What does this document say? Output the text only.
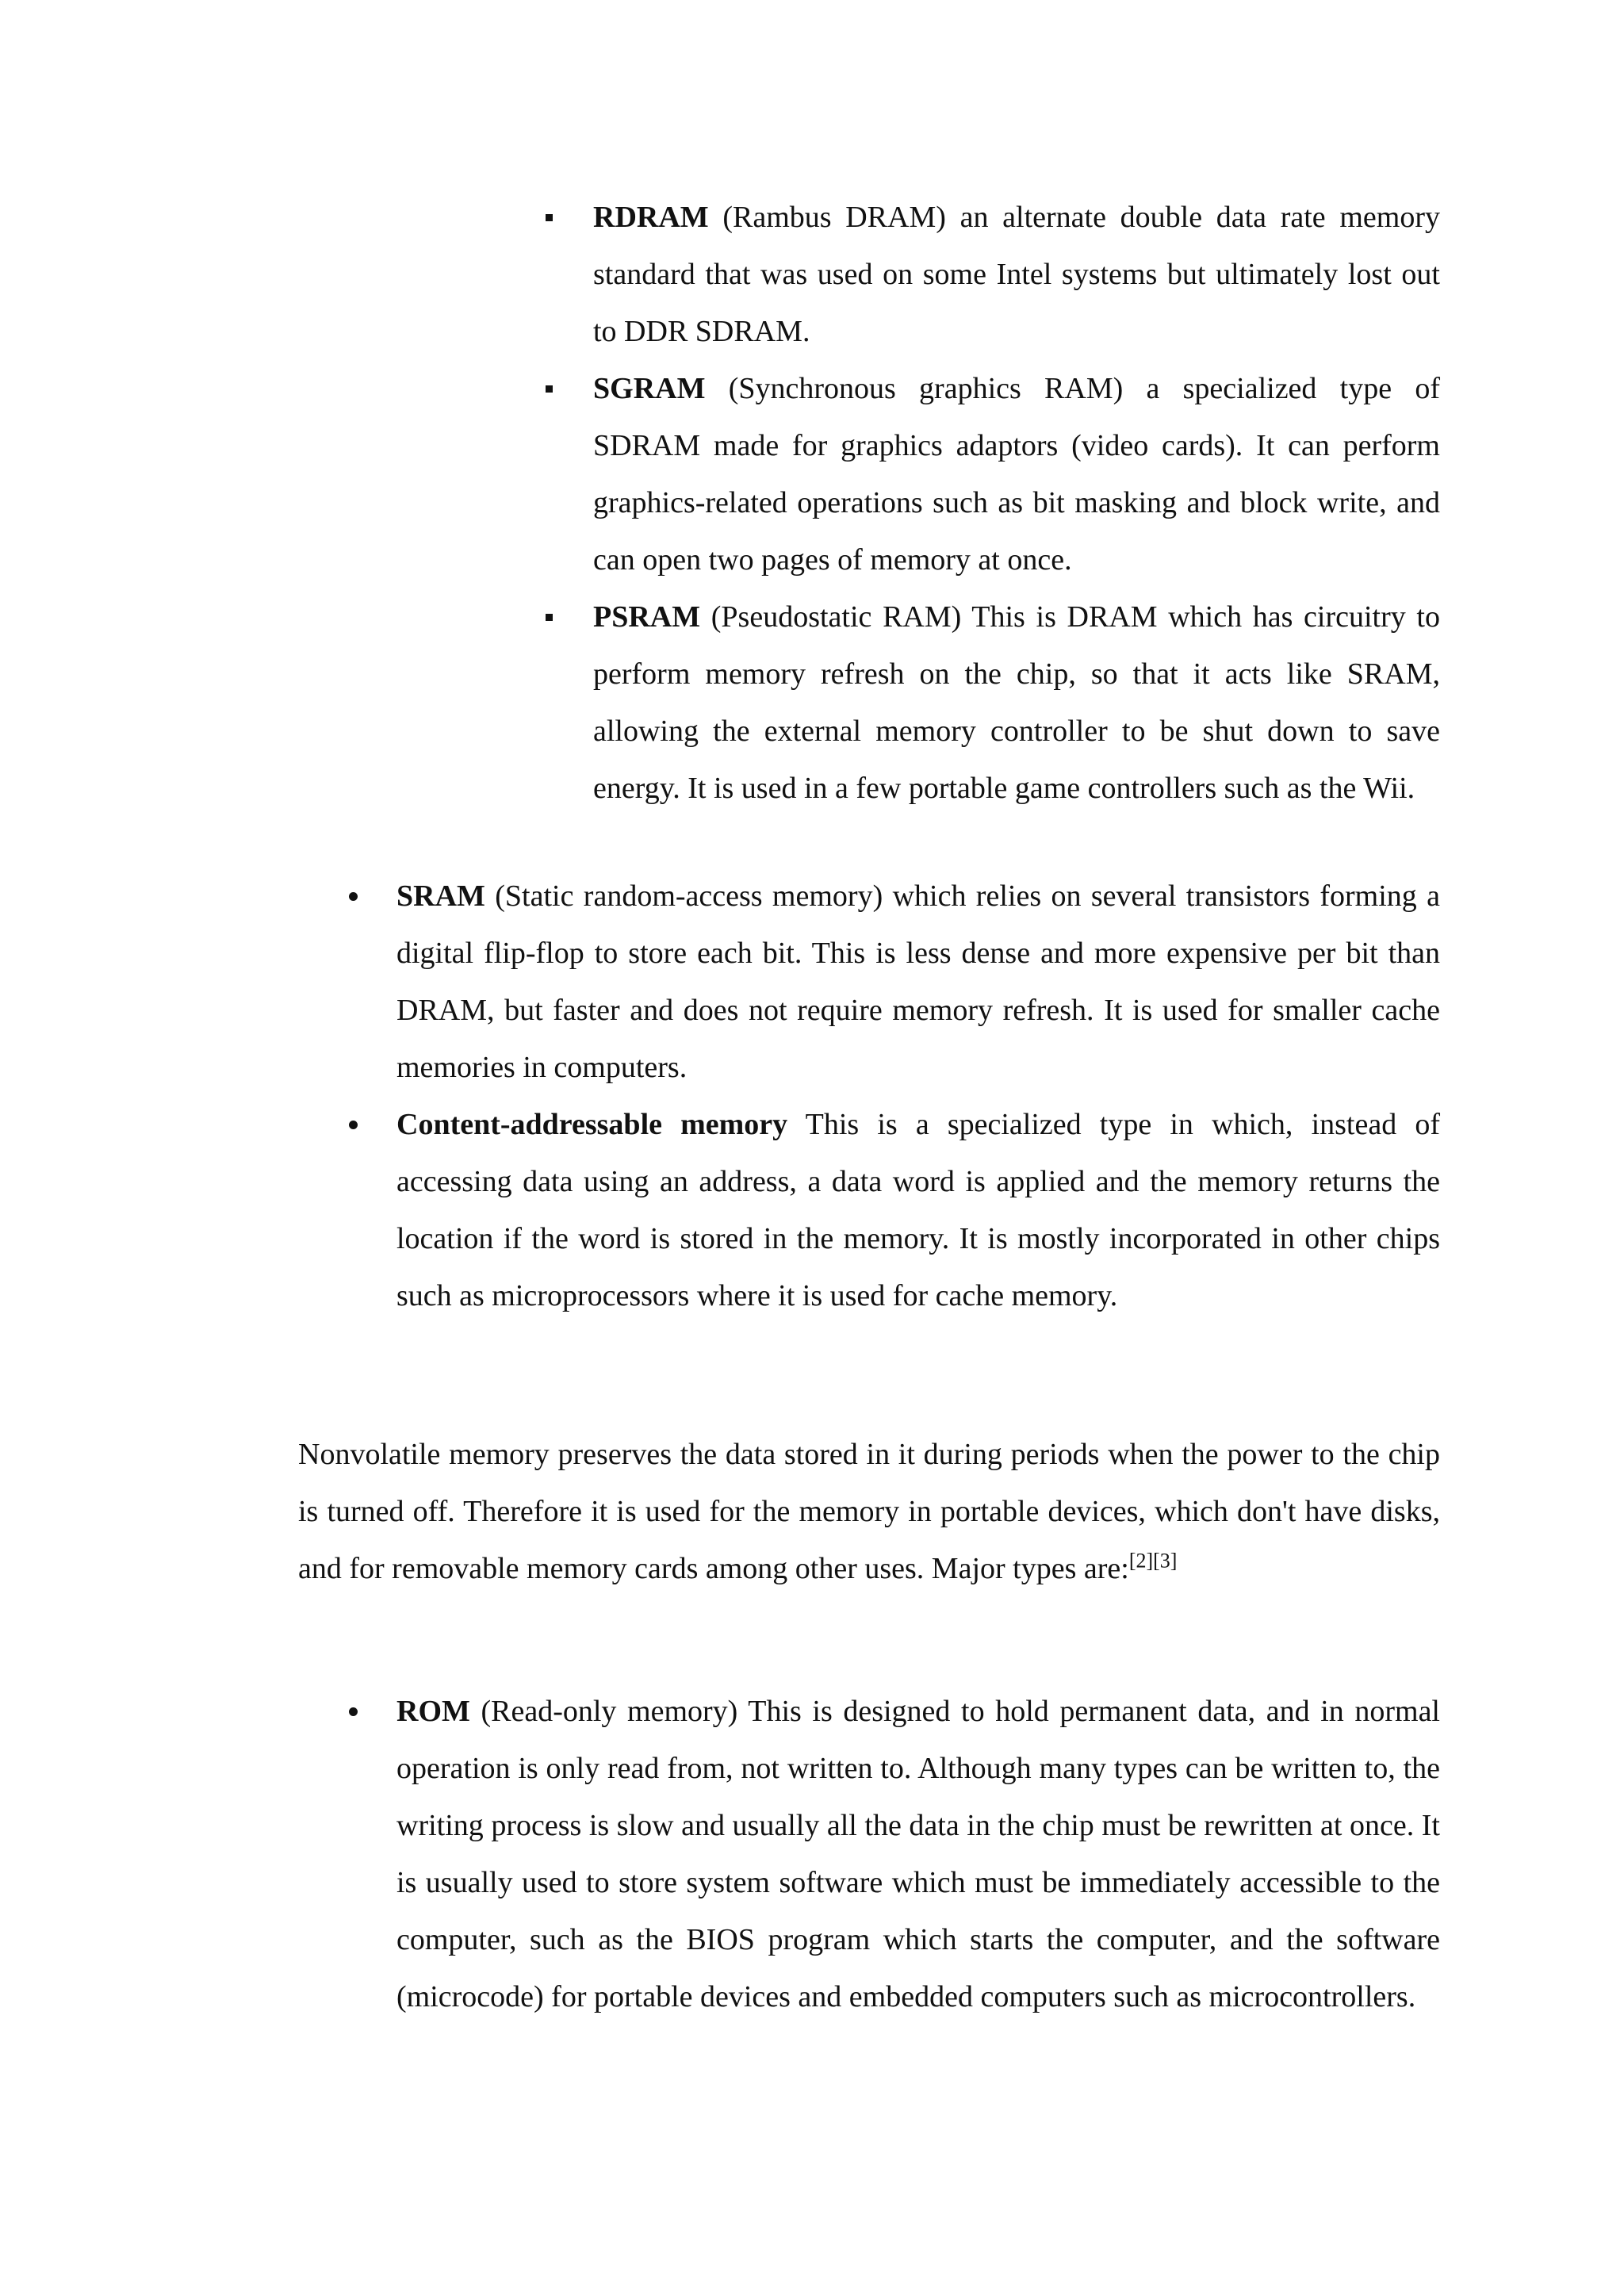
RDRAM (Rambus DRAM) an alternate double data rate memory standard that was used on some Intel systems but ultimately lost out to DDR SDRAM.
SGRAM (Synchronous graphics RAM) a specialized type of SDRAM made for graphics adaptors (video cards). It can perform graphics-related operations such as bit masking and block write, and can open two pages of memory at once.
PSRAM (Pseudostatic RAM) This is DRAM which has circuitry to perform memory refresh on the chip, so that it acts like SRAM, allowing the external memory controller to be shut down to save energy. It is used in a few portable game controllers such as the Wii.
SRAM (Static random-access memory) which relies on several transistors forming a digital flip-flop to store each bit. This is less dense and more expensive per bit than DRAM, but faster and does not require memory refresh. It is used for smaller cache memories in computers.
Content-addressable memory This is a specialized type in which, instead of accessing data using an address, a data word is applied and the memory returns the location if the word is stored in the memory. It is mostly incorporated in other chips such as microprocessors where it is used for cache memory.

Nonvolatile memory preserves the data stored in it during periods when the power to the chip is turned off. Therefore it is used for the memory in portable devices, which don't have disks, and for removable memory cards among other uses. Major types are:[2][3]

ROM (Read-only memory) This is designed to hold permanent data, and in normal operation is only read from, not written to. Although many types can be written to, the writing process is slow and usually all the data in the chip must be rewritten at once. It is usually used to store system software which must be immediately accessible to the computer, such as the BIOS program which starts the computer, and the software (microcode) for portable devices and embedded computers such as microcontrollers.
